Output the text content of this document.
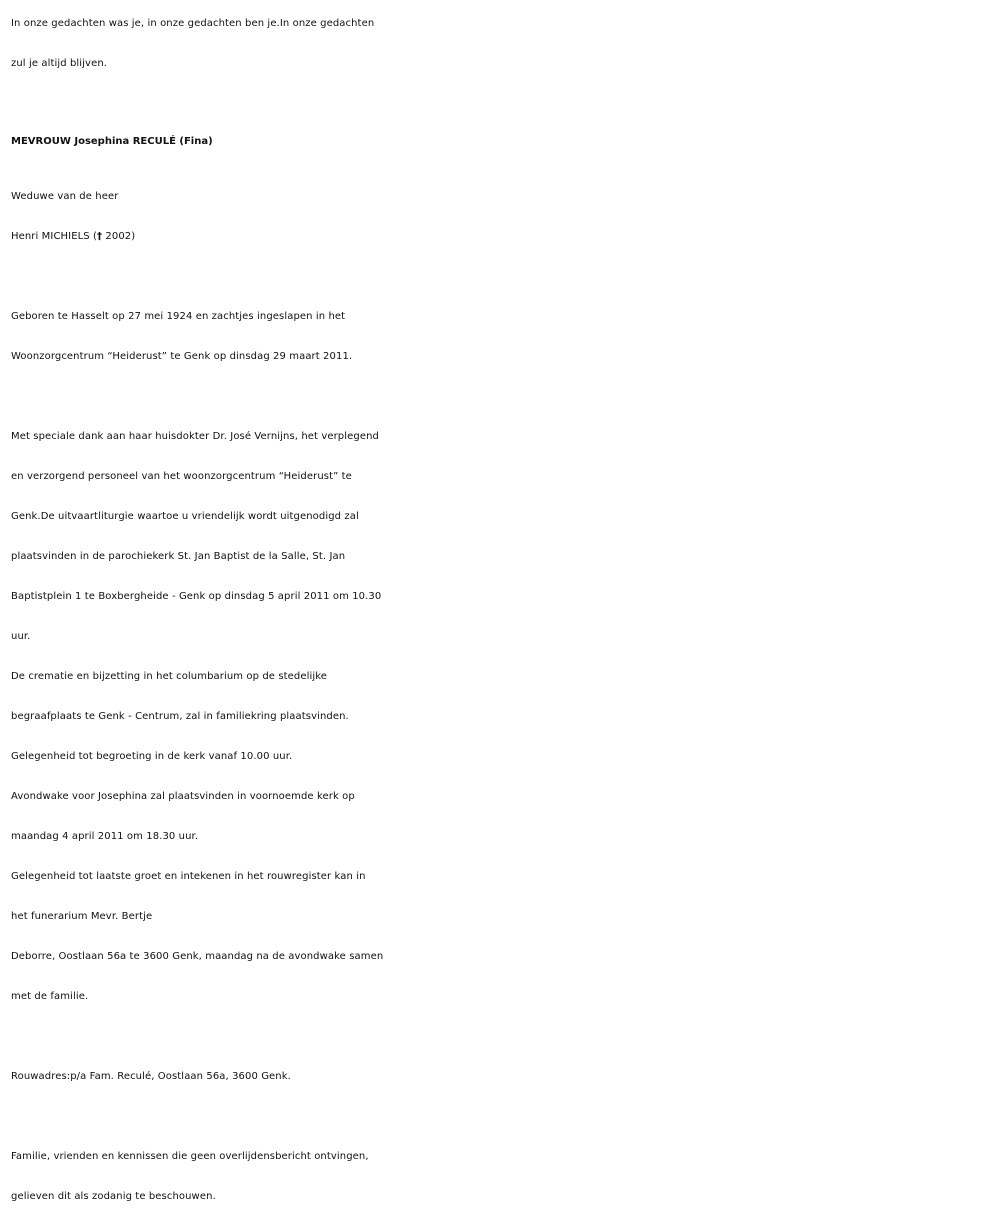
In onze gedachten was je, in onze gedachten ben je.In onze gedachten
zul je altijd blijven.
MEVROUW Josephina RECULÉ (Fina)
Weduwe van de heer
Henri MICHIELS († 2002)
Geboren te Hasselt op 27 mei 1924 en zachtjes ingeslapen in het
Woonzorgcentrum “Heiderust” te Genk op dinsdag 29 maart 2011.
Met speciale dank aan haar huisdokter Dr. José Vernijns, het verplegend
en verzorgend personeel van het woonzorgcentrum “Heiderust” te
Genk.De uitvaartliturgie waartoe u vriendelijk wordt uitgenodigd zal
plaatsvinden in de parochiekerk St. Jan Baptist de la Salle, St. Jan
Baptistplein 1 te Boxbergheide - Genk op dinsdag 5 april 2011 om 10.30
uur.
De crematie en bijzetting in het columbarium op de stedelijke
begraafplaats te Genk - Centrum, zal in familiekring plaatsvinden.
Gelegenheid tot begroeting in de kerk vanaf 10.00 uur.
Avondwake voor Josephina zal plaatsvinden in voornoemde kerk op
maandag 4 april 2011 om 18.30 uur.
Gelegenheid tot laatste groet en intekenen in het rouwregister kan in
het funerarium Mevr. Bertje
Deborre, Oostlaan 56a te 3600 Genk, maandag na de avondwake samen
met de familie.
Rouwadres:p/a Fam. Reculé, Oostlaan 56a, 3600 Genk.
Familie, vrienden en kennissen die geen overlijdensbericht ontvingen,
gelieven dit als zodanig te beschouwen.
